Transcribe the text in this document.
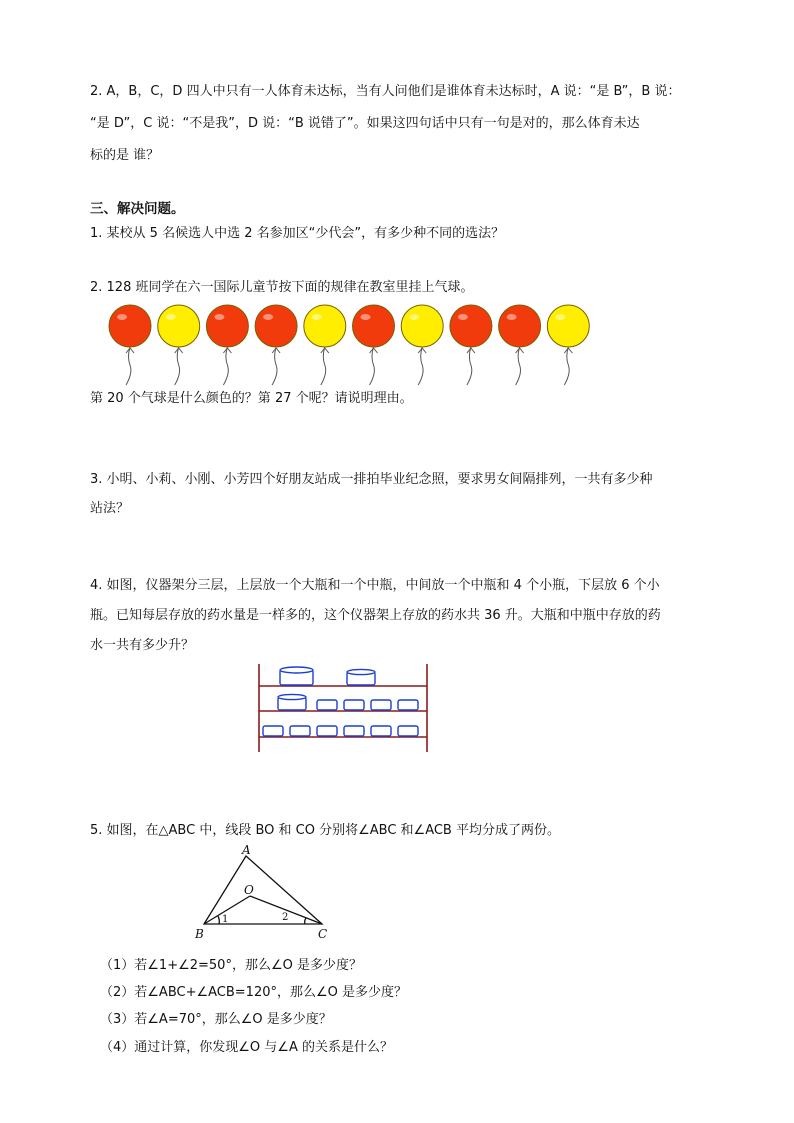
2. A，B，C，D 四人中只有一人体育未达标，当有人问他们是谁体育未达标时，A 说：“是 B”，B 说：
“是 D”，C 说：“不是我”，D 说：“B 说错了”。如果这四句话中只有一句是对的，那么体育未达
标的是 谁？
三、解决问题。
1. 某校从 5 名候选人中选 2 名参加区“少代会”，有多少种不同的选法？
2. 128 班同学在六一国际儿童节按下面的规律在教室里挂上气球。
第 20 个气球是什么颜色的？第 27 个呢？请说明理由。
3. 小明、小莉、小刚、小芳四个好朋友站成一排拍毕业纪念照，要求男女间隔排列，一共有多少种
站法？
4. 如图，仪器架分三层，上层放一个大瓶和一个中瓶，中间放一个中瓶和 4 个小瓶，下层放 6 个小
瓶。已知每层存放的药水量是一样多的，这个仪器架上存放的药水共 36 升。大瓶和中瓶中存放的药
水一共有多少升？
5. 如图，在△ABC 中，线段 BO 和 CO 分别将∠ABC 和∠ACB 平均分成了两份。
A
O
B	C
1	2
（1）若∠1+∠2=50°，那么∠O 是多少度？
（2）若∠ABC+∠ACB=120°，那么∠O 是多少度？
（3）若∠A=70°，那么∠O 是多少度？
（4）通过计算，你发现∠O 与∠A 的关系是什么？
